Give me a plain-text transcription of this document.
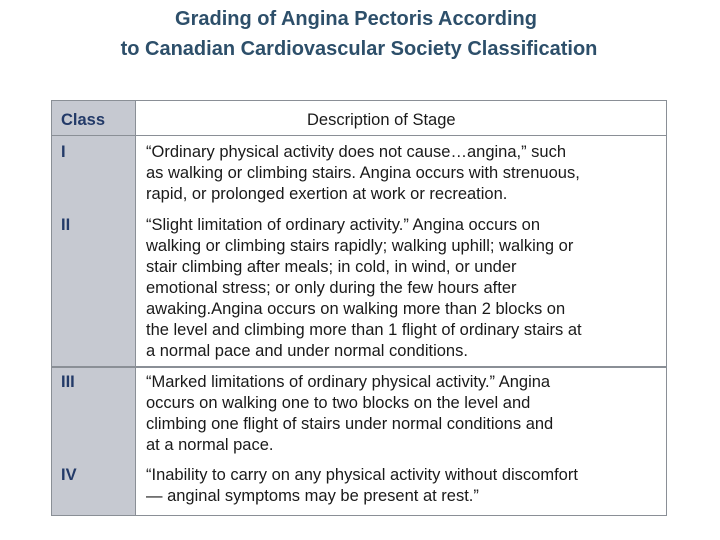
Grading of Angina Pectoris According
to Canadian Cardiovascular Society Classification
Class	Description of Stage
I	“Ordinary physical activity does not cause…angina,” such
as walking or climbing stairs. Angina occurs with strenuous,
rapid, or prolonged exertion at work or recreation.
II	“Slight limitation of ordinary activity.” Angina occurs on
walking or climbing stairs rapidly; walking uphill; walking or
stair climbing after meals; in cold, in wind, or under
emotional stress; or only during the few hours after
awaking.Angina occurs on walking more than 2 blocks on
the level and climbing more than 1 flight of ordinary stairs at
a normal pace and under normal conditions.
III	“Marked limitations of ordinary physical activity.” Angina
occurs on walking one to two blocks on the level and
climbing one flight of stairs under normal conditions and
at a normal pace.
IV	“Inability to carry on any physical activity without discomfort
— anginal symptoms may be present at rest.”
